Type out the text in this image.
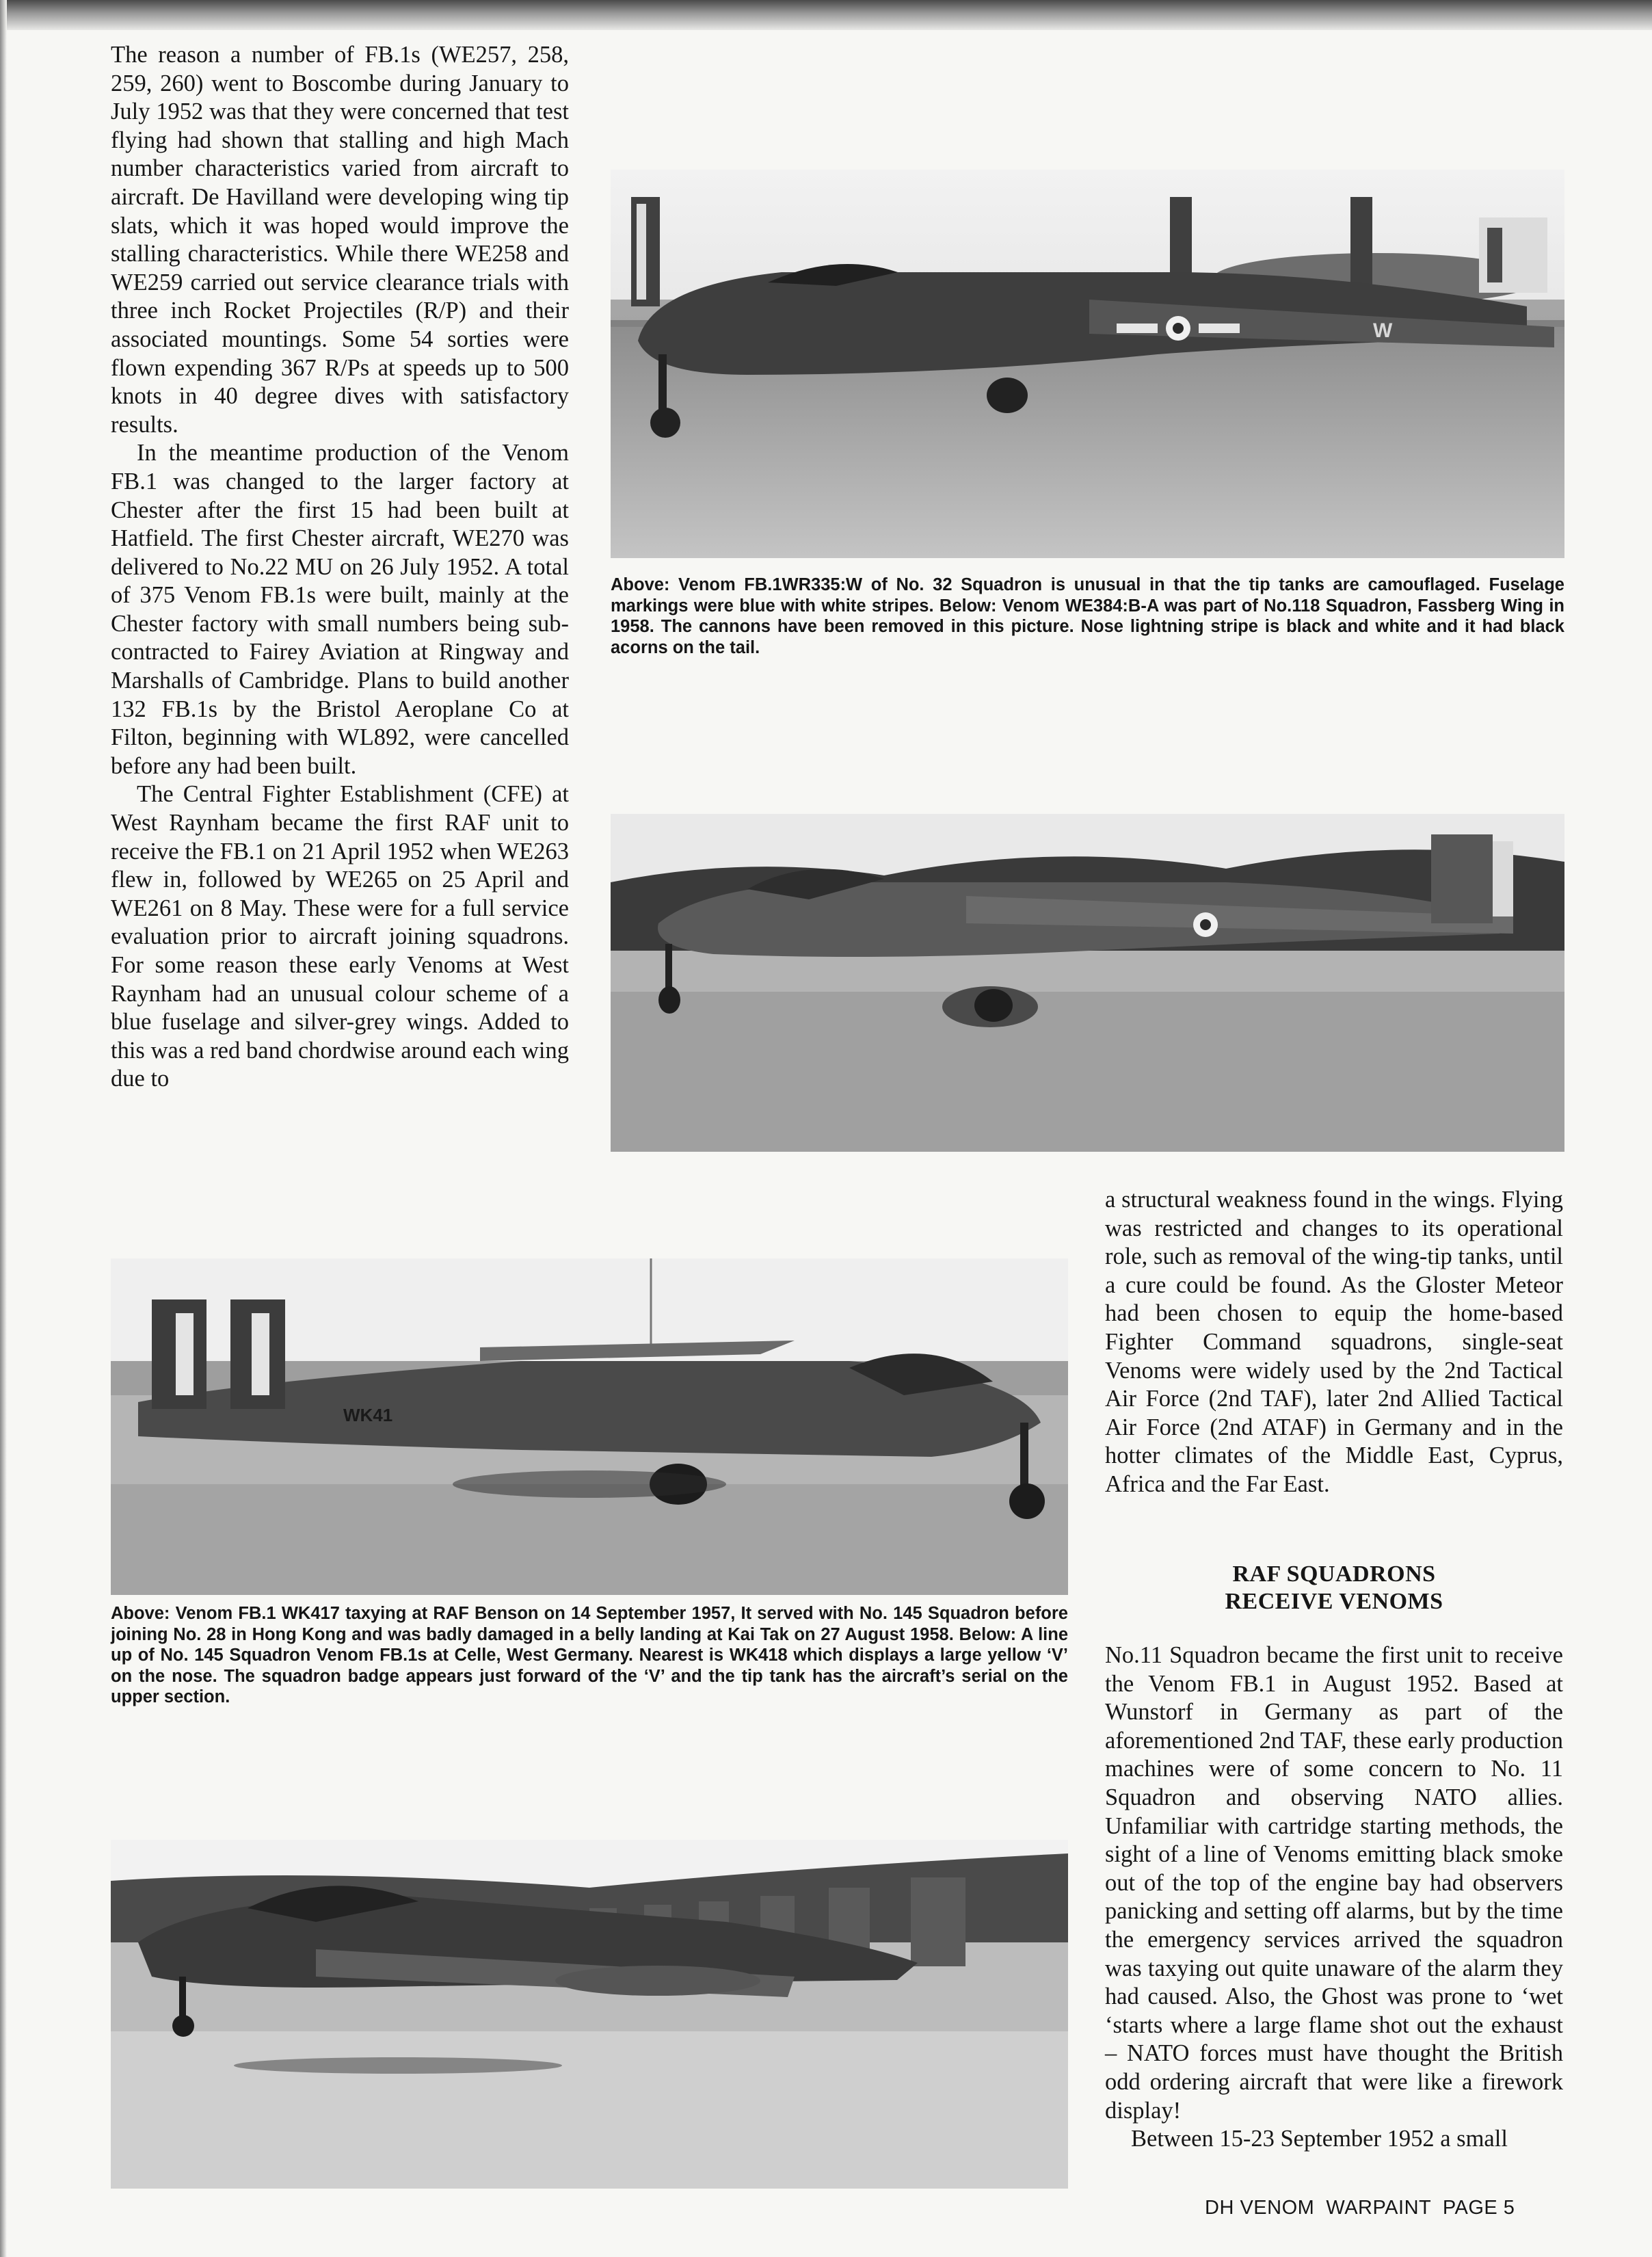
The reason a number of FB.1s (WE257, 258, 259, 260) went to Boscombe during January to July 1952 was that they were concerned that test flying had shown that stalling and high Mach number characteristics varied from aircraft to aircraft. De Havilland were developing wing tip slats, which it was hoped would improve the stalling characteristics. While there WE258 and WE259 carried out service clearance trials with three inch Rocket Projectiles (R/P) and their associated mountings. Some 54 sorties were flown expending 367 R/Ps at speeds up to 500 knots in 40 degree dives with satisfactory results.

In the meantime production of the Venom FB.1 was changed to the larger factory at Chester after the first 15 had been built at Hatfield. The first Chester aircraft, WE270 was delivered to No.22 MU on 26 July 1952. A total of 375 Venom FB.1s were built, mainly at the Chester factory with small numbers being sub-contracted to Fairey Aviation at Ringway and Marshalls of Cambridge. Plans to build another 132 FB.1s by the Bristol Aeroplane Co at Filton, beginning with WL892, were cancelled before any had been built.

The Central Fighter Establishment (CFE) at West Raynham became the first RAF unit to receive the FB.1 on 21 April 1952 when WE263 flew in, followed by WE265 on 25 April and WE261 on 8 May. These were for a full service evaluation prior to aircraft joining squadrons. For some reason these early Venoms at West Raynham had an unusual colour scheme of a blue fuselage and silver-grey wings. Added to this was a red band chordwise around each wing due to

W
Above: Venom FB.1WR335:W of No. 32 Squadron is unusual in that the tip tanks are camouflaged. Fuselage markings were blue with white stripes. Below: Venom WE384:B-A was part of No.118 Squadron, Fassberg Wing in 1958. The cannons have been removed in this picture. Nose lightning stripe is black and white and it had black acorns on the tail.

a structural weakness found in the wings. Flying was restricted and changes to its operational role, such as removal of the wing-tip tanks, until a cure could be found. As the Gloster Meteor had been chosen to equip the home-based Fighter Command squadrons, single-seat Venoms were widely used by the 2nd Tactical Air Force (2nd TAF), later 2nd Allied Tactical Air Force (2nd ATAF) in Germany and in the hotter climates of the Middle East, Cyprus, Africa and the Far East.

WK41
Above: Venom FB.1 WK417 taxying at RAF Benson on 14 September 1957, It served with No. 145 Squadron before joining No. 28 in Hong Kong and was badly damaged in a belly landing at Kai Tak on 27 August 1958. Below: A line up of No. 145 Squadron Venom FB.1s at Celle, West Germany. Nearest is WK418 which displays a large yellow ‘V’ on the nose. The squadron badge appears just forward of the ‘V’ and the tip tank has the aircraft’s serial on the upper section.
RAF SQUADRONS
RECEIVE VENOMS

No.11 Squadron became the first unit to receive the Venom FB.1 in August 1952. Based at Wunstorf in Germany as part of the aforementioned 2nd TAF, these early production machines were of some concern to No. 11 Squadron and observing NATO allies. Unfamiliar with cartridge starting methods, the sight of a line of Venoms emitting black smoke out of the top of the engine bay had observers panicking and setting off alarms, but by the time the emergency services arrived the squadron was taxying out quite unaware of the alarm they had caused. Also, the Ghost was prone to ‘wet ‘starts where a large flame shot out the exhaust – NATO forces must have thought the British odd ordering aircraft that were like a firework display!

Between 15-23 September 1952 a small

DH VENOM  WARPAINT  PAGE 5
